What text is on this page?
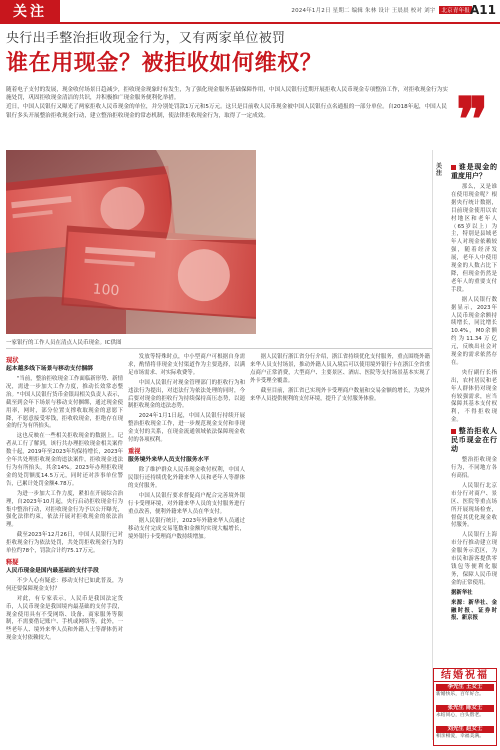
关注	2024年1月2日 星期二 编辑 朱林 设计 王晨晨 校对 刘宇 北京青年报 A11
央行出手整治拒收现金行为，又有两家单位被罚
谁在用现金？被拒收如何维权？

随着电子支付的发展，现金收付场景日趋减少，拒收现金现象时有发生，为了强化现金服务基础保障作用，中国人民银行近期开展拒收人民币现金专项整治工作，对拒收现金行为实施处罚，巩固拒收现金清洁的共识，并积极推广现金服务便利化举措。

近日，中国人民银行又曝光了两家拒收人民币现金的单位，并分别处罚款1万元和5万元。这只是目前收人民币现金被中国人民银行点名通报的一部分单位。自2018年起，中国人民银行多头开展整治拒收现金行动，建立整治拒收现金的常态机制，使法律拒收现金行为，取得了一定成效。	❞
100
一家银行的工作人员在清点人民币现金。IC供图
现状
起本越多线下场景与移动支付捆绑

"当前，整治拒收现金工作面临新形势、新情况，需进一步加大工作力度，推动长效常态整治。"中国人民银行货币金银局相关负责人表示，截至到会年下场景与移动支付捆绑，通过现金使用率，网时，部分位置支撑收取现金的意愿下降，不愿意接受零钱，拒收收现金，拒绝存在现金的行为有所抬头。

这也反映在一些相关拒收现金的数据上。记者从工行了解到，该行共办理拒收现金相关案件数十起，2019年至2023年均保持增长，2023年全年共处理拒收现金的违法案件，拒收现金违法行为有所抬头，其余14%。2023年办理拒收现金的处罚额度14.5万元，同时还对涉事单位警告，已累计处罚金额4.78万。

为进一步加大工作力度，紧扣在开展综合治理，自2023年10月起，央行启动拒收现金行为集中整治行动，对拒收现金行为予以公开曝光，强化法律约束，依法开展对拒收现金的依法治理。

截至2023年12月26日，中国人民银行已对拒收现金行为依法处罚，共处罚拒收现金行为的单位约78个，罚款合计约75.17万元。

释疑
人民币现金是国内最基础的支付手段

不少人心有疑虑：移动支付已如此普及，为何还要保障现金支付？

对此，有专家表示，人民币是我国法定货币，人民币现金是我国境内最基础的支付手段，现金使用具有不受网络、设备、商家服务等限制，不需要借记账户、手机或网络等。此外，一些老年人、境外来华人员和外籍人士等群体仍对现金支付依赖较大。

发放等特殊时点，中小型商户可根据自身需求，酌情将非现金支付渠道作为主要选择，以满足市场需求、对实际收费等。

中国人民银行对现金管理部门的拒收行为和违法行为提出，对违法行为依法处理的同时，今后要对现金的拒收行为持续保持高压态势，以遏制拒收现金的违法态势。

2024年1月1日起，中国人民银行持续开展整治拒收现金工作，进一步规范现金支付和非现金支付的关系，在现金流通领域依法保障现金收付的各项权利。

重视
服务境外来华人员支付服务水平

除了维护群众人民币现金收付权利，中国人民银行还持续优化外籍来华人员和老年人等群体的支付服务。

中国人民银行要求督促商户配合完善境外银行卡受理环境，对外籍来华人员的支付服务进行重点改善，便利外籍来华人员在华支付。

据人民银行统计，2023年外籍来华人员通过移动支付完成交易笔数和金额均实现大幅增长，境外银行卡受理商户数持续增加。

据人民银行浙江省分行介绍，浙江省持续优化支付服务，重点围绕外籍来华人员支付场景，推动外籍人员入境后可以使用境外银行卡在浙江全省重点商户正常消费，大型商户、主要景区、酒店、医院等支付场景基本实现了外卡受理全覆盖。

截至目前，浙江省已实现外卡受理商户数量和交易金额的增长，为境外来华人员提供便利的支付环境，提升了支付服务体验。

关注
谁是现金的重度用户？

那么，又是谁在使用现金呢？根据央行统计数据，目前现金使用以农村地区和老年人（65岁以上）为主，特别是县域老年人对现金依赖较强，随着经济发展，老年人中使用现金的人数占比下降，但现金仍然是老年人的重要支付手段。

据人民银行数据显示，2023年人民币现金余额持续增长，同比增长10.4%，M0余额约为11.34万亿元，反映出社会对现金的需求依然存在。

央行副行长指出，农村居民和老年人群体仍对现金有较强需求，应当保障其基本支付权利，不得拒收现金。

整治拒收人民币现金在行动

整治拒收现金行为，不同地方各有高招。

人民银行北京市分行对商户、景区、医院等重点场所开展现场检查，督促其优化现金收付服务。

人民银行上海市分行推动建立现金服务示范区，为市民和游客提供零钱包等便利化服务，保障人民币现金的正常使用。

据新华社
来源：新华社、金融时报、证券时报、新京报
结婚祝福
李先生 王女士
新婚快乐，百年好合。
张先生 陈女士
永结同心，白头偕老。
刘先生 赵女士
相亲相爱，幸福美满。
